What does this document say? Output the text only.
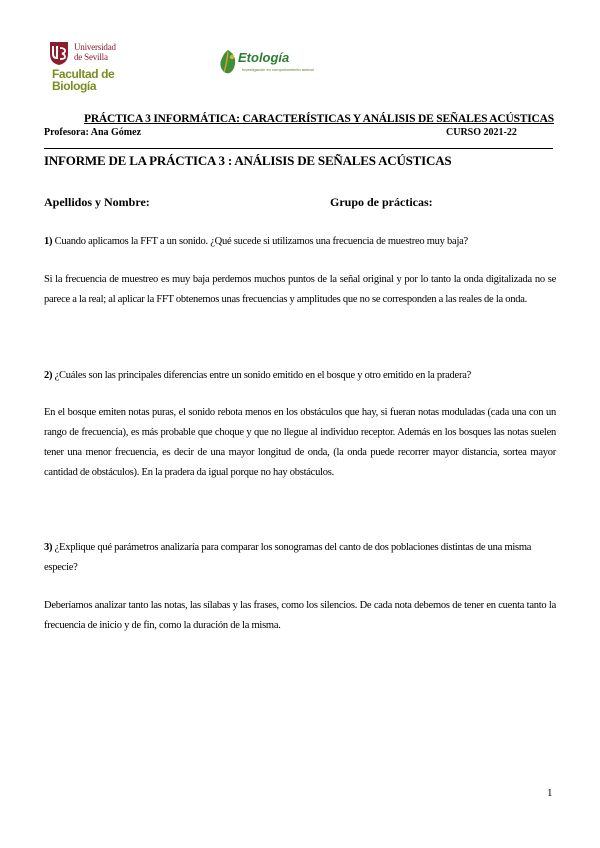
Universidad
de Sevilla
Facultad de
Biología
Etología
Investigación en comportamiento animal
PRÁCTICA 3 INFORMÁTICA: CARACTERÍSTICAS Y ANÁLISIS DE SEÑALES ACÚSTICAS
Profesora: Ana Gómez	CURSO 2021-22
INFORME DE LA PRÁCTICA 3 : ANÁLISIS DE SEÑALES ACÚSTICAS
Apellidos y Nombre:	Grupo de prácticas:
1) Cuando aplicamos la FFT a un sonido. ¿Qué sucede si utilizamos una frecuencia de muestreo muy baja?
Si la frecuencia de muestreo es muy baja perdemos muchos puntos de la señal original y por lo tanto la onda digitalizada no se parece a la real; al aplicar la FFT obtenemos unas frecuencias y amplitudes que no se corresponden a las reales de la onda.
2) ¿Cuáles son las principales diferencias entre un sonido emitido en el bosque y otro emitido en la pradera?
En el bosque emiten notas puras, el sonido rebota menos en los obstáculos que hay, si fueran notas moduladas (cada una con un rango de frecuencia), es más probable que choque y que no llegue al individuo receptor. Además en los bosques las notas suelen tener una menor frecuencia, es decir de una mayor longitud de onda, (la onda puede recorrer mayor distancia, sortea mayor cantidad de obstáculos). En la pradera da igual porque no hay obstáculos.
3) ¿Explique qué parámetros analizaría para comparar los sonogramas del canto de dos poblaciones distintas de una misma especie?
Deberíamos analizar tanto las notas, las sílabas y las frases, como los silencios. De cada nota debemos de tener en cuenta tanto la frecuencia de inicio y de fin, como la duración de la misma.
1
